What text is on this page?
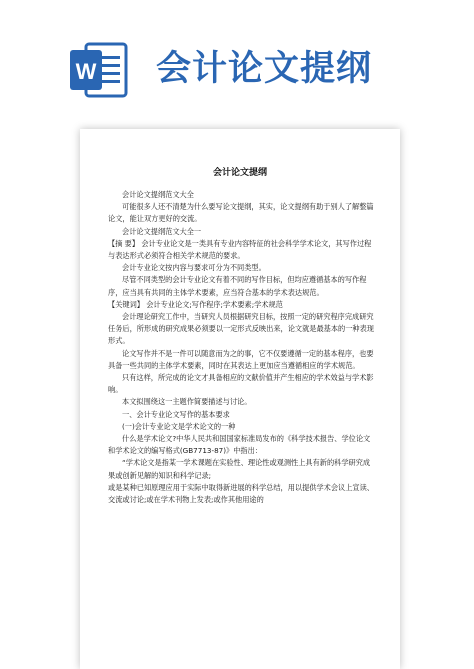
W 会计论文提纲
会计论文提纲

会计论文提纲范文大全

可能很多人还不清楚为什么要写论文提纲，其实，论文提纲有助于别人了解整篇论文，能让双方更好的交流。

会计论文提纲范文大全一

【摘 要】 会计专业论文是一类具有专业内容特征的社会科学学术论文，其写作过程与表达形式必须符合相关学术规范的要求。

会计专业论文按内容与要求可分为不同类型。

尽管不同类型的会计专业论文有着不同的写作目标，但均应遵循基本的写作程序，应当具有共同的主体学术要素，应当符合基本的学术表达规范。

【关键词】 会计专业论文;写作程序;学术要素;学术规范

会计理论研究工作中，当研究人员根据研究目标，按照一定的研究程序完成研究任务后，所形成的研究成果必须要以一定形式反映出来，论文就是最基本的一种表现形式。

论文写作并不是一件可以随意而为之的事，它不仅要遵循一定的基本程序，也要具备一些共同的主体学术要素，同时在其表达上更加应当遵循相应的学术规范。

只有这样，所完成的论文才具备相应的文献价值并产生相应的学术效益与学术影响。

本文拟围绕这一主题作简要描述与讨论。

一、会计专业论文写作的基本要求

(一)会计专业论文是学术论文的一种

什么是学术论文?中华人民共和国国家标准局发布的《科学技术报告、学位论文和学术论文的编写格式(GB7713-87)》中指出：

“学术论文是指某一学术课题在实验性、理论性或观测性上具有新的科学研究成果或创新见解的知识和科学记录;

或是某种已知原理应用于实际中取得新进展的科学总结，用以提供学术会议上宣读、交流或讨论;或在学术刊物上发表;或作其他用途的
